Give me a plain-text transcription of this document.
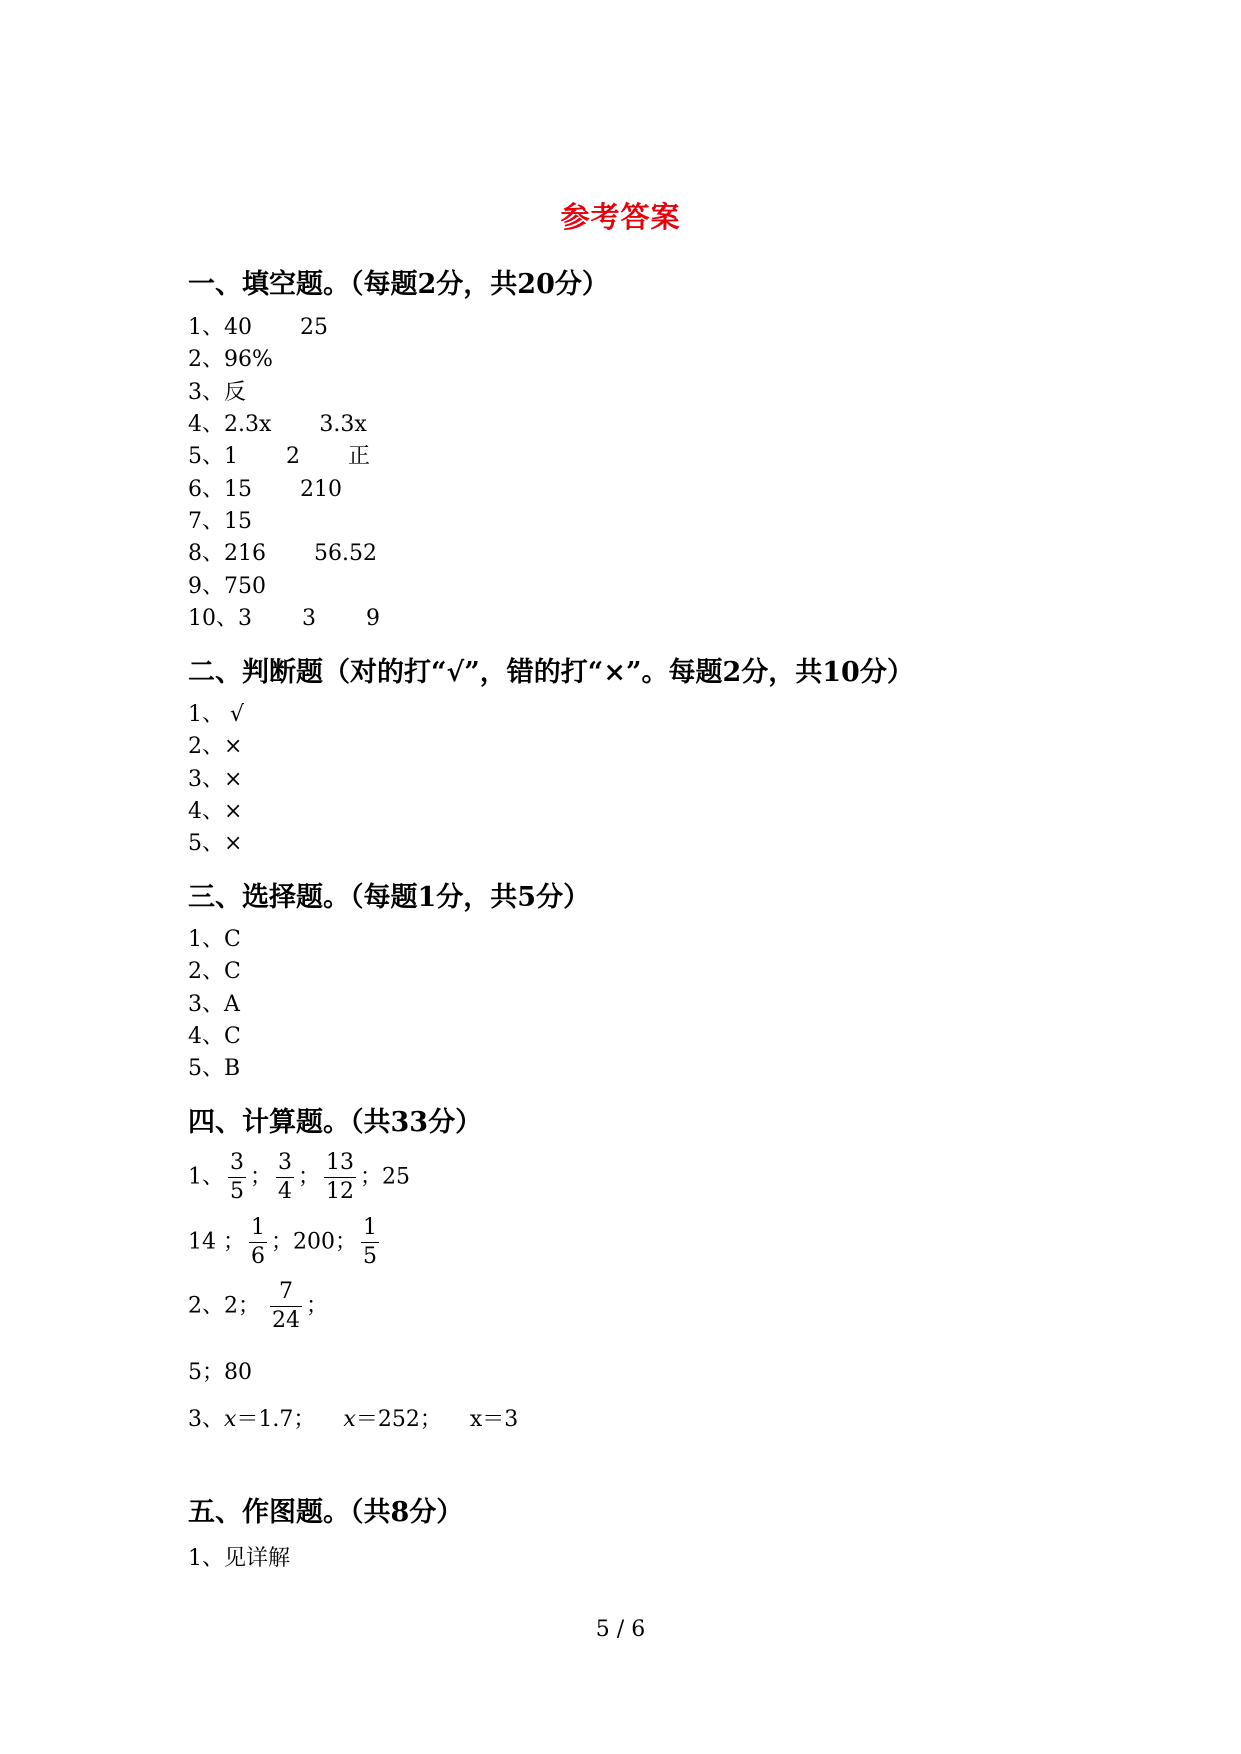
参考答案
一、填空题。（每题2分，共20分）
1、40 25
2、96%
3、反
4、2.3x 3.3x
5、1 2 正
6、15 210
7、15
8、216 56.52
9、750
10、3 3 9
二、判断题（对的打“√”，错的打“×”。每题2分，共10分）
1、 √
2、×
3、×
4、×
5、×
三、选择题。（每题1分，共5分）
1、C
2、C
3、A
4、C
5、B
四、计算题。（共33分）
1、 $\frac{3}{5}$ ； $\frac{3}{4}$ ； $\frac{13}{12}$ ；25
14 ； $\frac{1}{6}$ ；200； $\frac{1}{5}$
2、2； $\frac{7}{24}$ ；
5；80
3、x＝1.7； x＝252； x＝3
五、作图题。（共8分）
1、见详解
5 / 6
